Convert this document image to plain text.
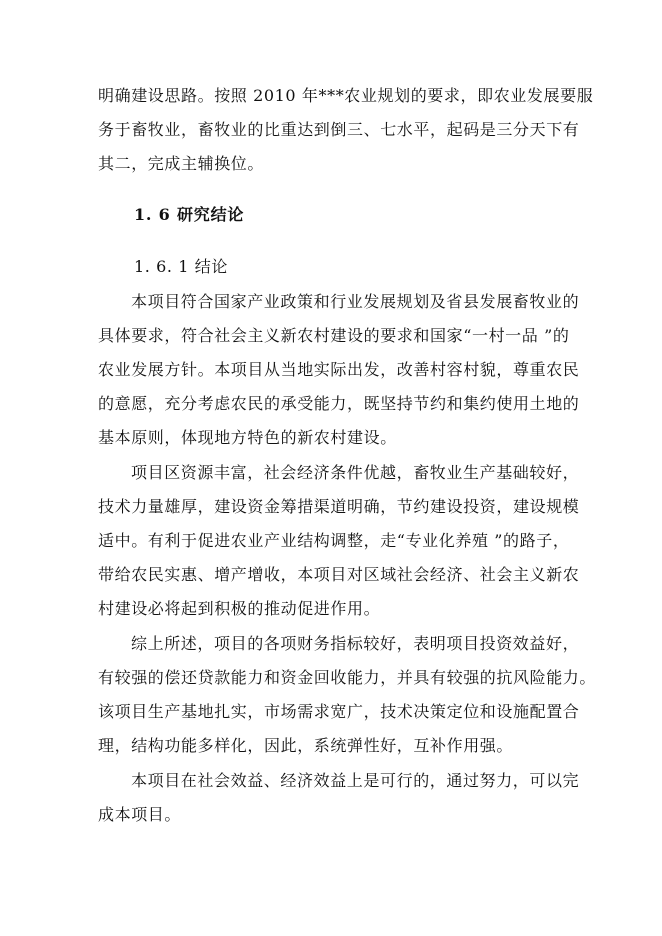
明确建设思路。按照 2010 年***农业规划的要求，即农业发展要服
务于畜牧业，畜牧业的比重达到倒三、七水平，起码是三分天下有
其二，完成主辅换位。
1. 6 研究结论
1. 6. 1 结论
本项目符合国家产业政策和行业发展规划及省县发展畜牧业的
具体要求，符合社会主义新农村建设的要求和国家“一村一品 ”的
农业发展方针。本项目从当地实际出发，改善村容村貌，尊重农民
的意愿，充分考虑农民的承受能力，既坚持节约和集约使用土地的
基本原则，体现地方特色的新农村建设。
项目区资源丰富，社会经济条件优越，畜牧业生产基础较好，
技术力量雄厚，建设资金筹措渠道明确，节约建设投资，建设规模
适中。有利于促进农业产业结构调整，走“专业化养殖 ”的路子，
带给农民实惠、增产增收，本项目对区域社会经济、社会主义新农
村建设必将起到积极的推动促进作用。
综上所述，项目的各项财务指标较好，表明项目投资效益好，
有较强的偿还贷款能力和资金回收能力，并具有较强的抗风险能力。
该项目生产基地扎实，市场需求宽广，技术决策定位和设施配置合
理，结构功能多样化，因此，系统弹性好，互补作用强。
本项目在社会效益、经济效益上是可行的，通过努力，可以完
成本项目。
